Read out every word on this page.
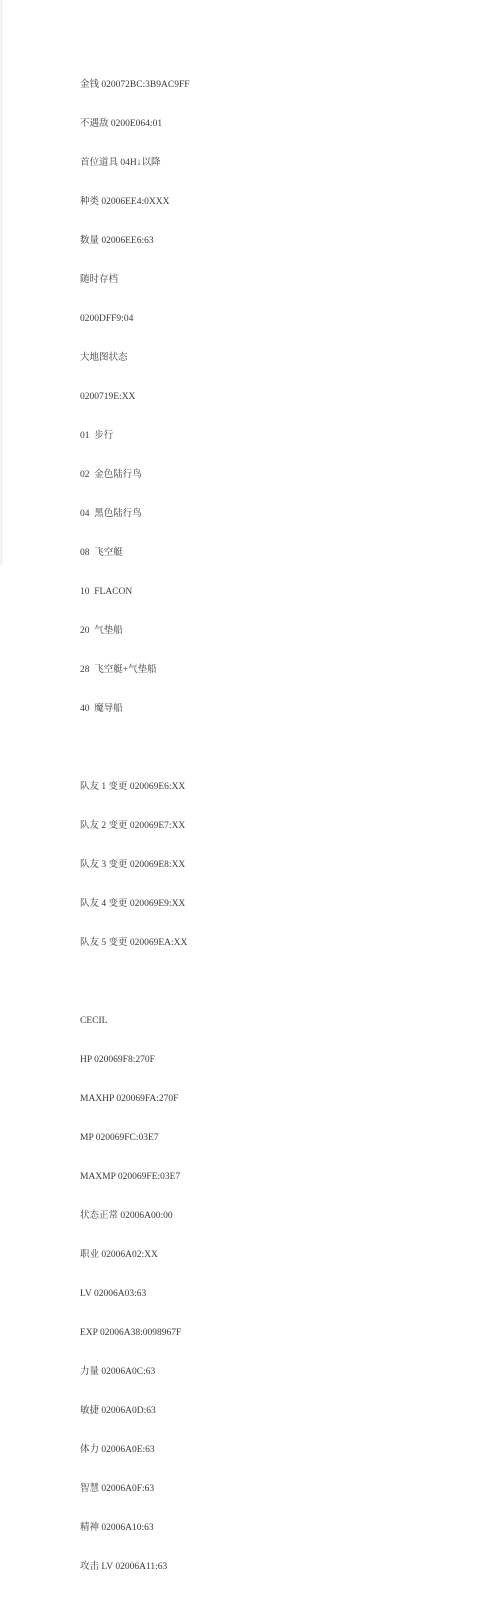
金钱 020072BC:3B9AC9FF

不遇敌 0200E064:01

首位道具 04H↓以降

种类 02006EE4:0XXX

数量 02006EE6:63

随时存档

0200DFF9:04

大地图状态

0200719E:XX

01  步行

02  金色陆行鸟

04  黑色陆行鸟

08  飞空艇

10  FLACON

20  气垫船

28  飞空艇+气垫船

40  魔导船

队友 1 变更 020069E6:XX

队友 2 变更 020069E7:XX

队友 3 变更 020069E8:XX

队友 4 变更 020069E9:XX

队友 5 变更 020069EA:XX

CECIL

HP 020069F8:270F

MAXHP 020069FA:270F

MP 020069FC:03E7

MAXMP 020069FE:03E7

状态正常 02006A00:00

职业 02006A02:XX

LV 02006A03:63

EXP 02006A38:0098967F

力量 02006A0C:63

敏捷 02006A0D:63

体力 02006A0E:63

智慧 02006A0F:63

精神 02006A10:63

攻击 LV 02006A11:63
